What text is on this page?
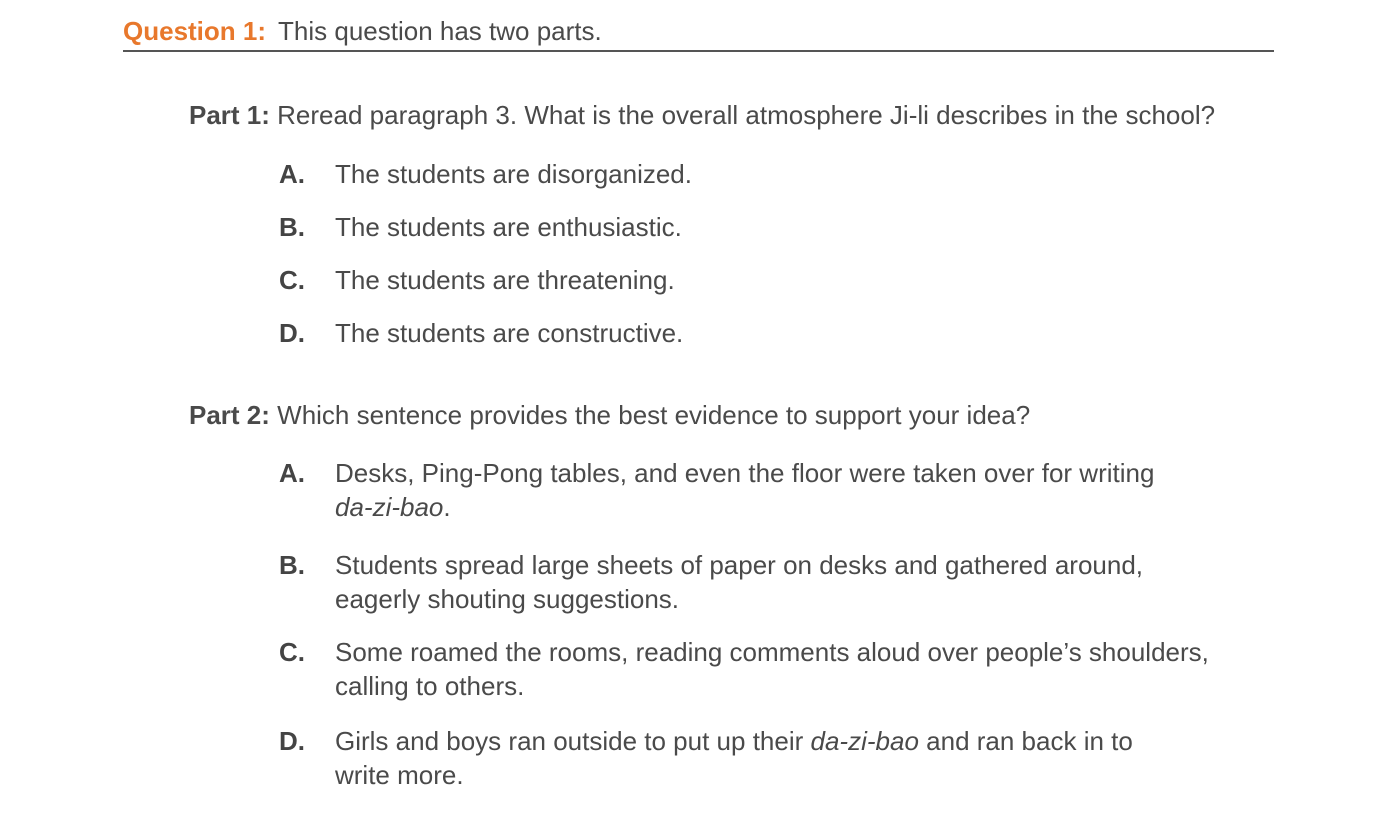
Question 1: This question has two parts.
Part 1: Reread paragraph 3. What is the overall atmosphere Ji-li describes in the school?
A. The students are disorganized.
B. The students are enthusiastic.
C. The students are threatening.
D. The students are constructive.
Part 2: Which sentence provides the best evidence to support your idea?
A. Desks, Ping-Pong tables, and even the floor were taken over for writing
da-zi-bao.
B. Students spread large sheets of paper on desks and gathered around,
eagerly shouting suggestions.
C. Some roamed the rooms, reading comments aloud over people’s shoulders,
calling to others.
D. Girls and boys ran outside to put up their da-zi-bao and ran back in to
write more.
